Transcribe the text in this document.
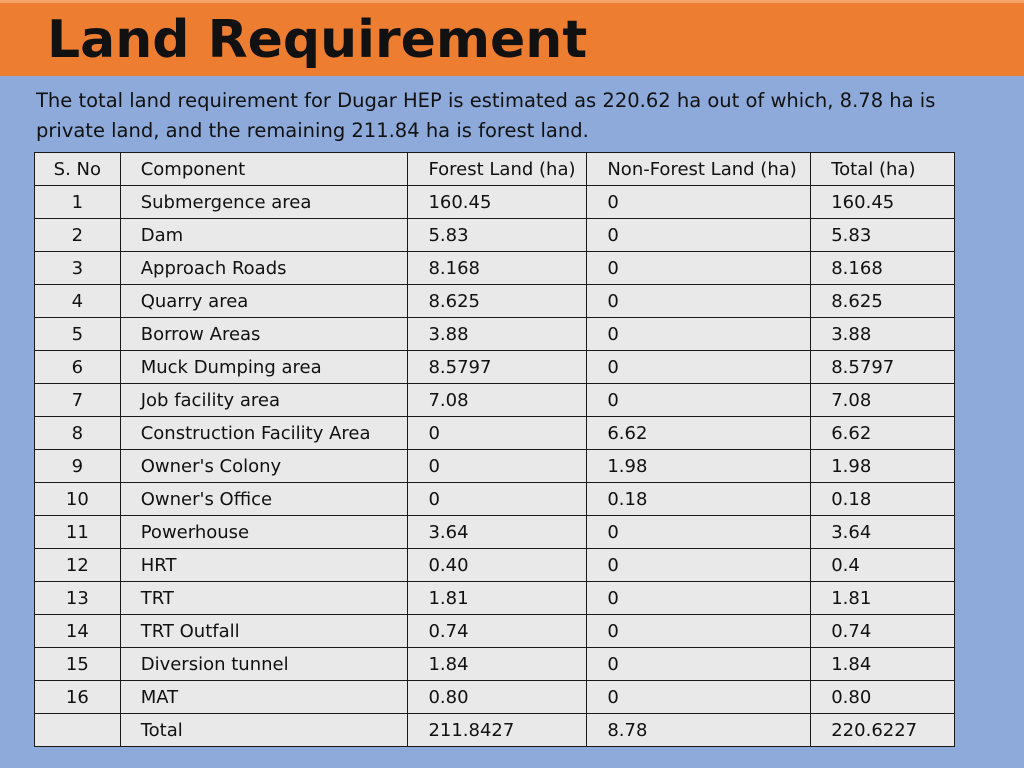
Land Requirement

The total land requirement for Dugar HEP is estimated as 220.62 ha out of which, 8.78 ha is private land, and the remaining 211.84 ha is forest land.

S. No	Component	Forest Land (ha)	Non-Forest Land (ha)	Total (ha)
1	Submergence area	160.45	0	160.45
2	Dam	5.83	0	5.83
3	Approach Roads	8.168	0	8.168
4	Quarry area	8.625	0	8.625
5	Borrow Areas	3.88	0	3.88
6	Muck Dumping area	8.5797	0	8.5797
7	Job facility area	7.08	0	7.08
8	Construction Facility Area	0	6.62	6.62
9	Owner's Colony	0	1.98	1.98
10	Owner's Office	0	0.18	0.18
11	Powerhouse	3.64	0	3.64
12	HRT	0.40	0	0.4
13	TRT	1.81	0	1.81
14	TRT Outfall	0.74	0	0.74
15	Diversion tunnel	1.84	0	1.84
16	MAT	0.80	0	0.80
	Total	211.8427	8.78	220.6227
